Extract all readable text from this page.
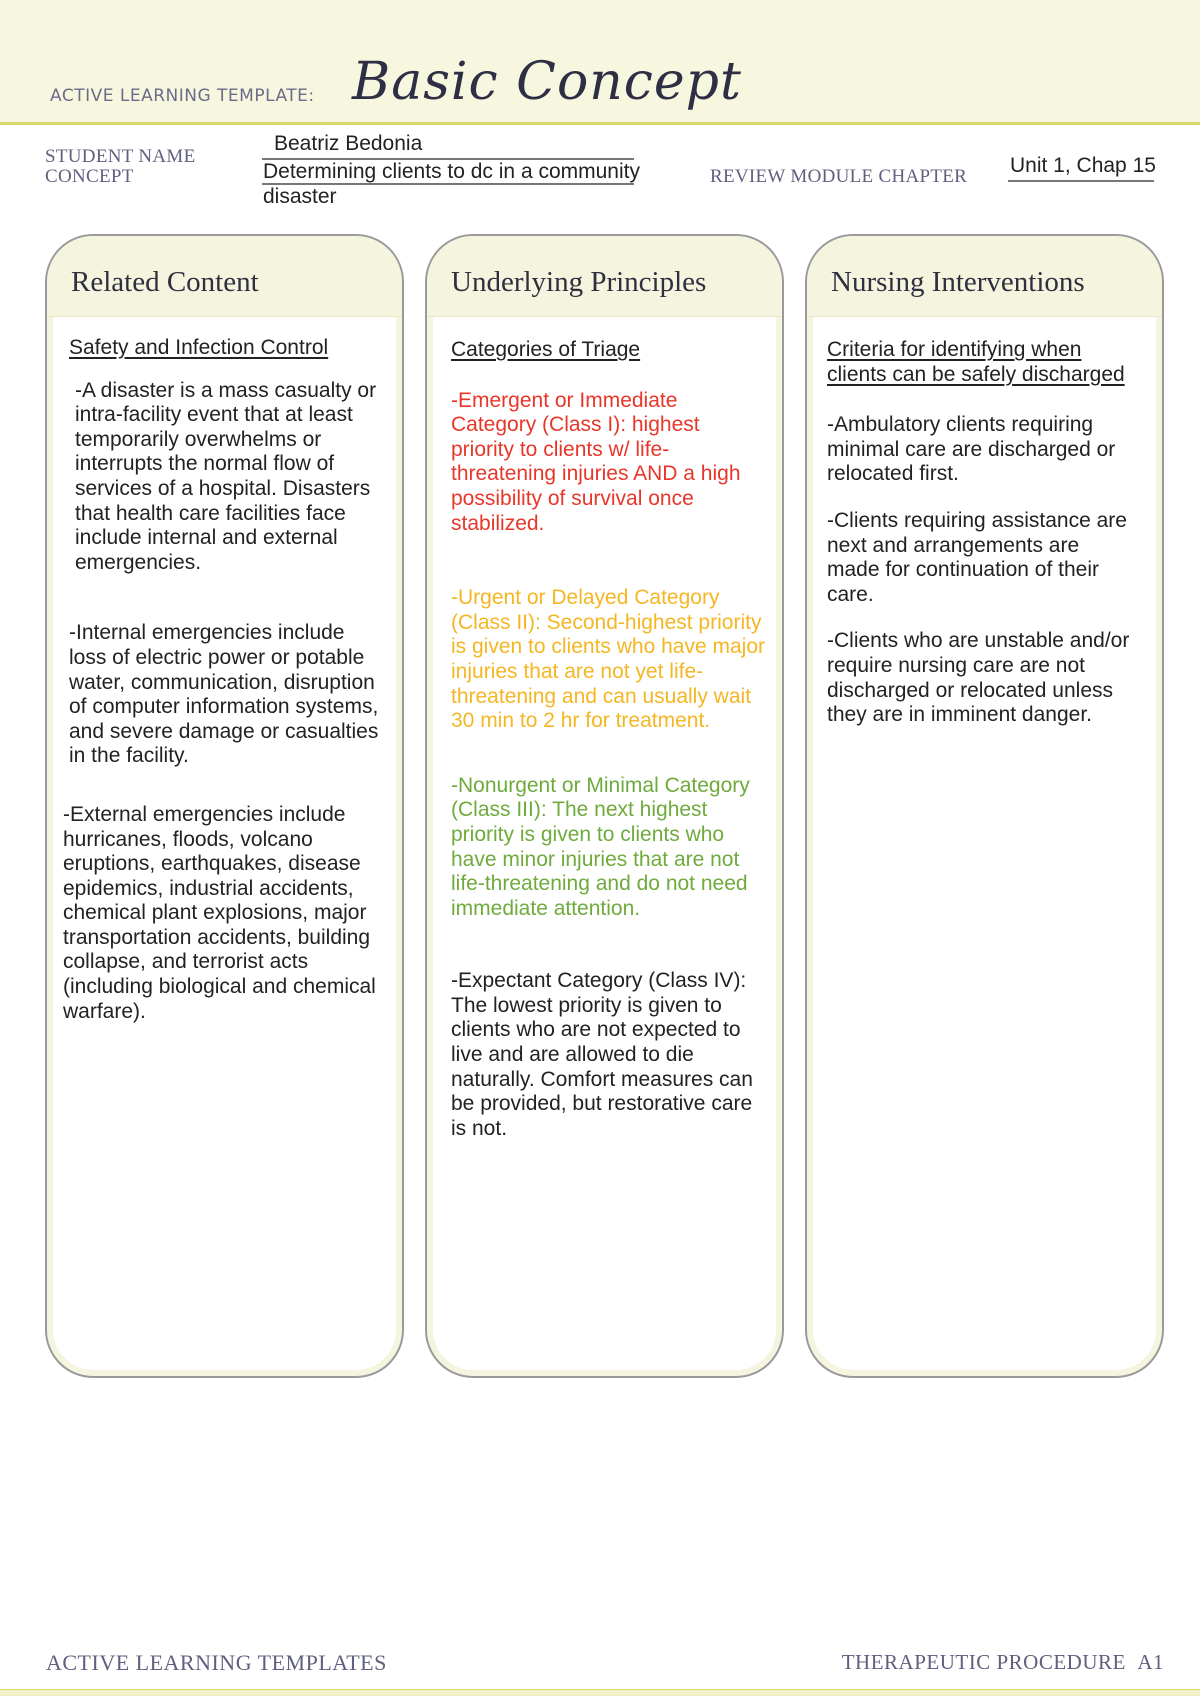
ACTIVE LEARNING TEMPLATE: Basic Concept
STUDENT NAME
Beatriz Bedonia
CONCEPT	Determining clients to dc in a community disaster
REVIEW MODULE CHAPTER Unit 1, Chap 15
Related Content
Safety and Infection Control
-A disaster is a mass casualty or intra-facility event that at least temporarily overwhelms or interrupts the normal flow of services of a hospital. Disasters that health care facilities face include internal and external emergencies.
-Internal emergencies include loss of electric power or potable water, communication, disruption of computer information systems, and severe damage or casualties in the facility.
-External emergencies include hurricanes, floods, volcano eruptions, earthquakes, disease epidemics, industrial accidents, chemical plant explosions, major transportation accidents, building collapse, and terrorist acts (including biological and chemical warfare).
Underlying Principles
Categories of Triage
-Emergent or Immediate Category (Class I): highest priority to clients w/ life-threatening injuries AND a high possibility of survival once stabilized.
-Urgent or Delayed Category (Class II): Second-highest priority is given to clients who have major injuries that are not yet life-threatening and can usually wait 30 min to 2 hr for treatment.
-Nonurgent or Minimal Category (Class III): The next highest priority is given to clients who have minor injuries that are not life-threatening and do not need immediate attention.
-Expectant Category (Class IV): The lowest priority is given to clients who are not expected to live and are allowed to die naturally. Comfort measures can be provided, but restorative care is not.
Nursing Interventions
Criteria for identifying when clients can be safely discharged
-Ambulatory clients requiring minimal care are discharged or relocated first.
-Clients requiring assistance are next and arrangements are made for continuation of their care.
-Clients who are unstable and/or require nursing care are not discharged or relocated unless they are in imminent danger.
ACTIVE LEARNING TEMPLATES	THERAPEUTIC PROCEDURE A1
